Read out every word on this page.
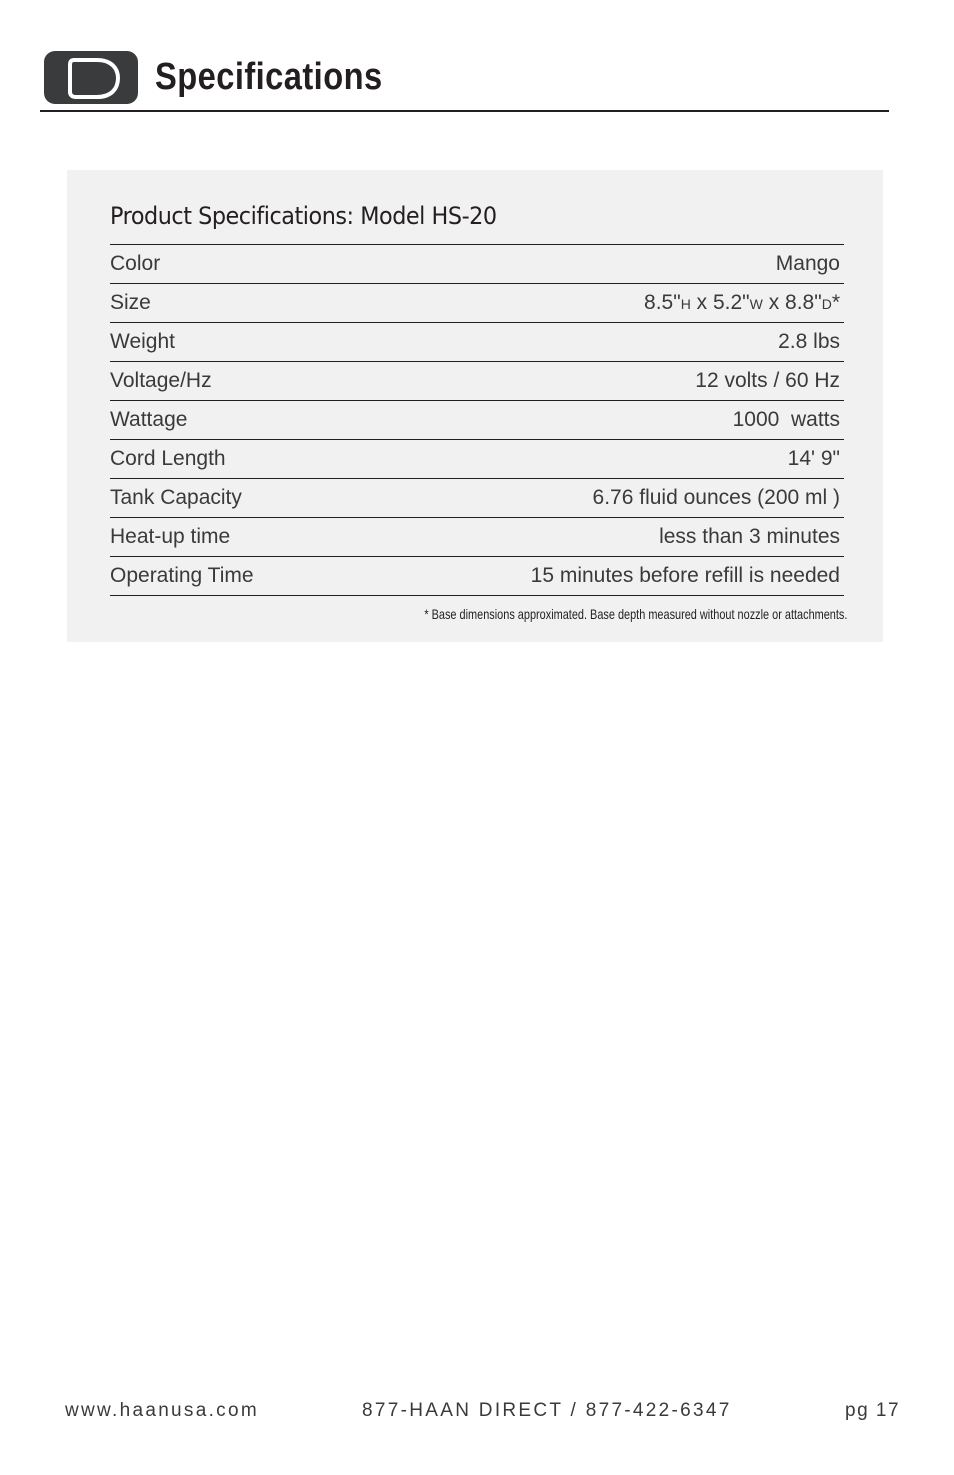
Specifications
Product Specifications: Model HS-20
Color	Mango
Size	8.5"H x 5.2"W x 8.8"D*
Weight	2.8 lbs
Voltage/Hz	12 volts / 60 Hz
Wattage	1000  watts
Cord Length	14' 9"
Tank Capacity	6.76 fluid ounces (200 ml )
Heat-up time	less than 3 minutes
Operating Time	15 minutes before refill is needed
* Base dimensions approximated. Base depth measured without nozzle or attachments.
www.haanusa.com	877-HAAN DIRECT / 877-422-6347	pg 17
